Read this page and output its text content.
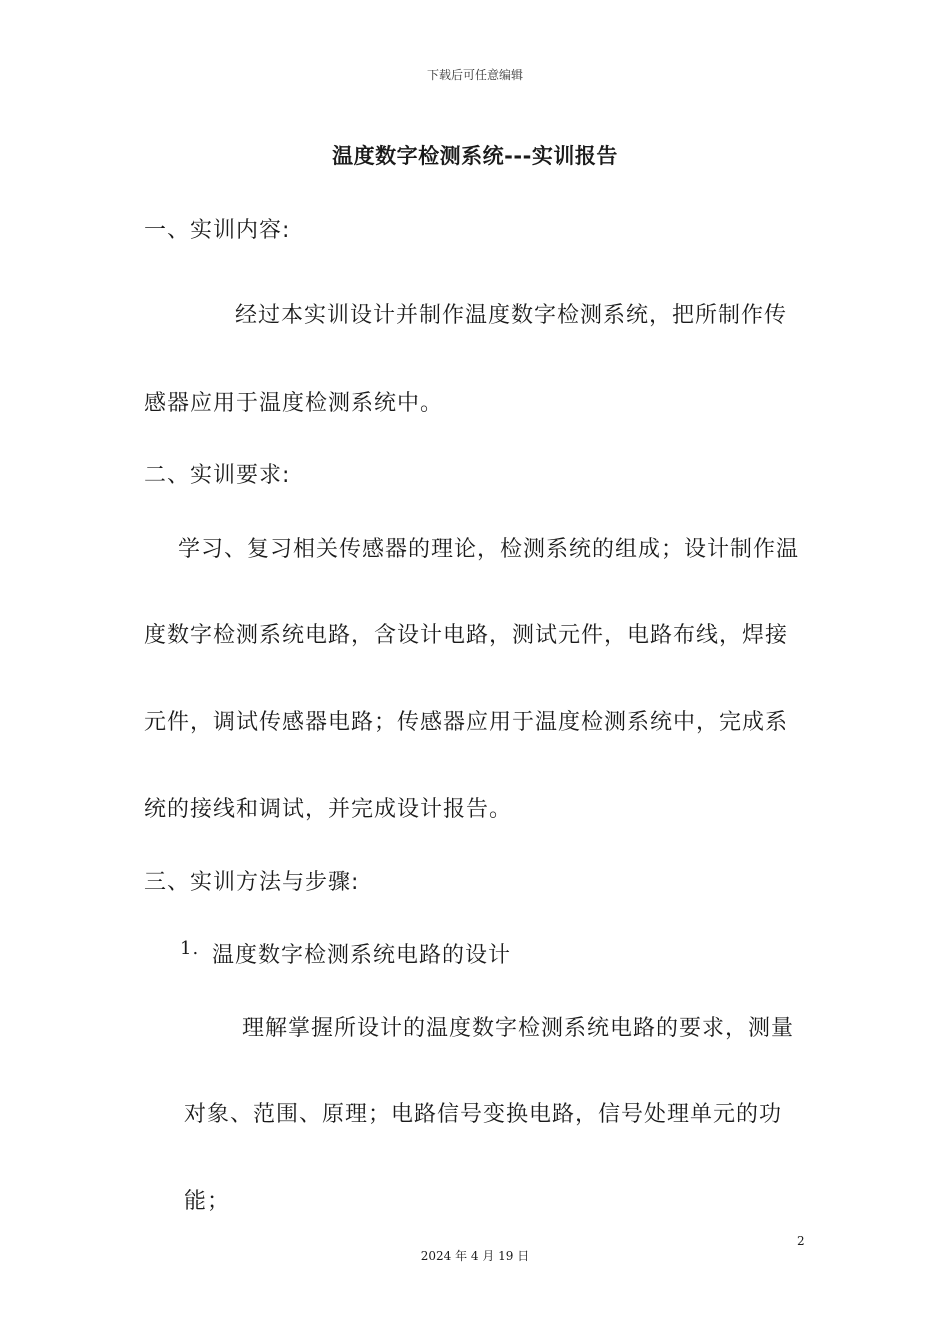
下载后可任意编辑
温度数字检测系统---实训报告
一、实训内容:
经过本实训设计并制作温度数字检测系统，把所制作传
感器应用于温度检测系统中。
二、实训要求:
学习、复习相关传感器的理论，检测系统的组成；设计制作温
度数字检测系统电路，含设计电路，测试元件，电路布线，焊接
元件，调试传感器电路；传感器应用于温度检测系统中，完成系
统的接线和调试，并完成设计报告。
三、实训方法与步骤:
1. 温度数字检测系统电路的设计
理解掌握所设计的温度数字检测系统电路的要求，测量
对象、范围、原理；电路信号变换电路，信号处理单元的功
能；
2
2024 年 4 月 19 日
